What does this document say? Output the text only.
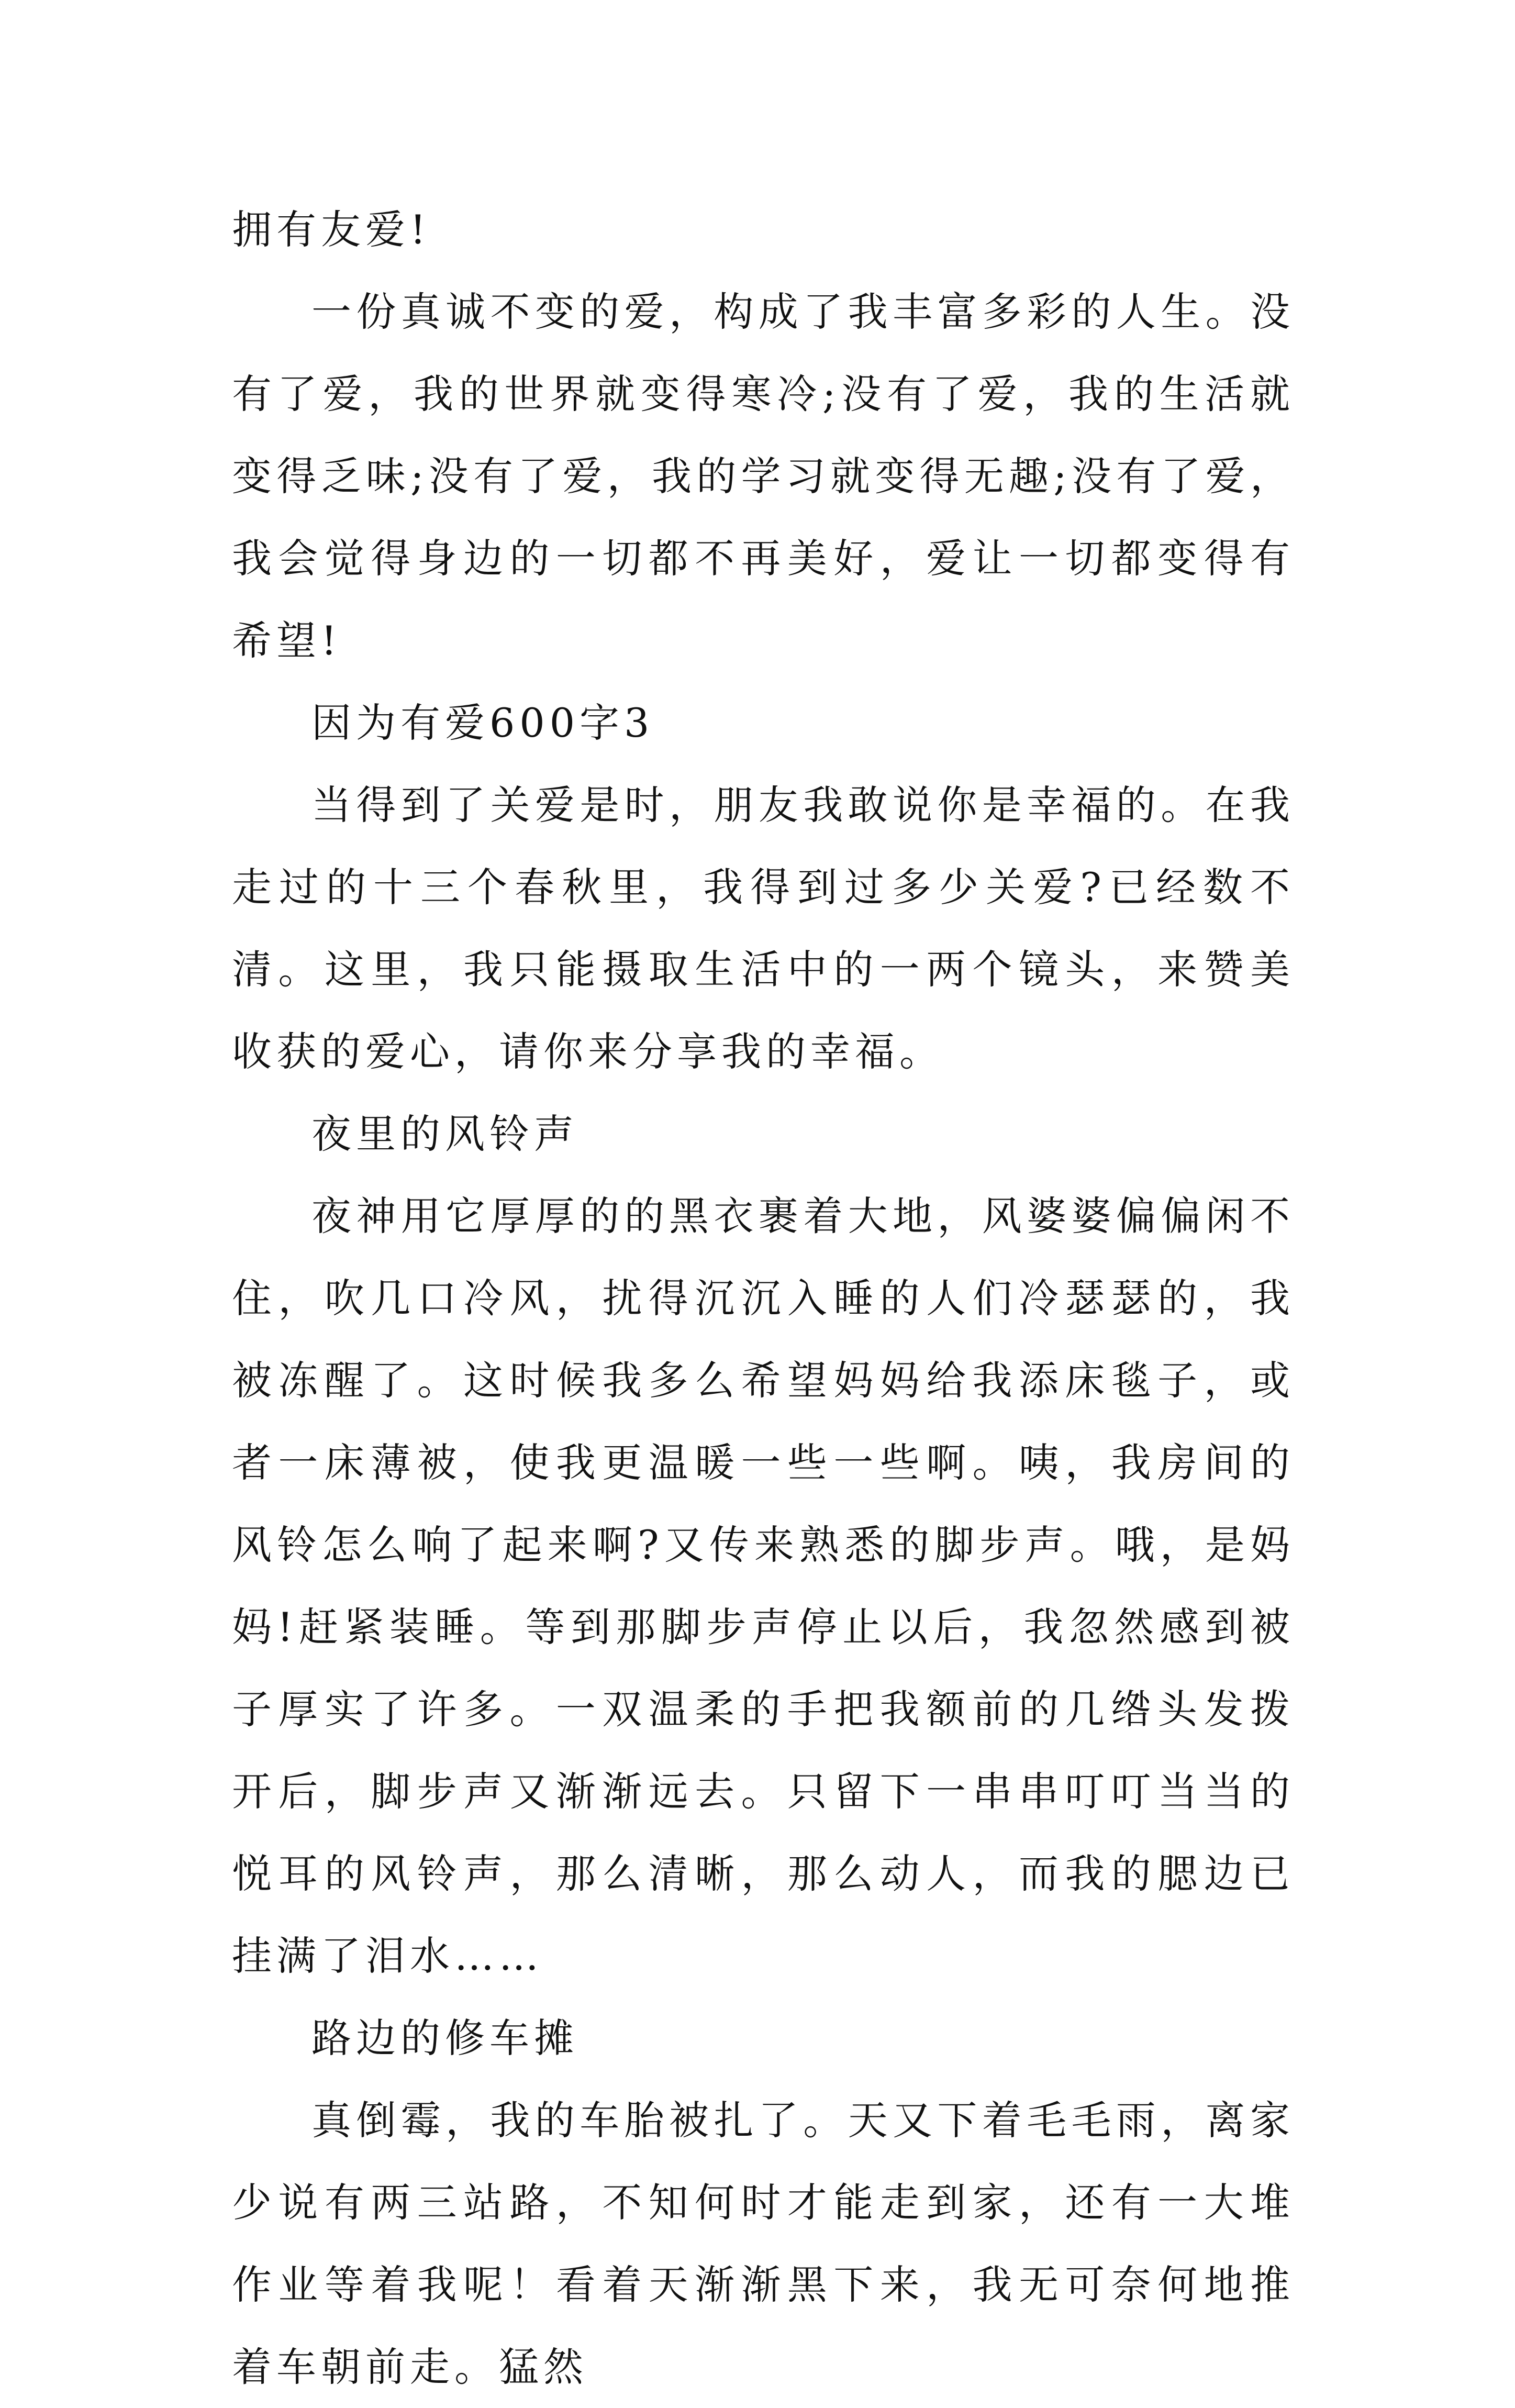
拥有友爱!

一份真诚不变的爱，构成了我丰富多彩的人生。没有了爱，我的世界就变得寒冷;没有了爱，我的生活就变得乏味;没有了爱，我的学习就变得无趣;没有了爱，我会觉得身边的一切都不再美好，爱让一切都变得有希望!

因为有爱600字3

当得到了关爱是时，朋友我敢说你是幸福的。在我走过的十三个春秋里，我得到过多少关爱?已经数不清。这里，我只能摄取生活中的一两个镜头，来赞美收获的爱心，请你来分享我的幸福。

夜里的风铃声

夜神用它厚厚的的黑衣裹着大地，风婆婆偏偏闲不住，吹几口冷风，扰得沉沉入睡的人们冷瑟瑟的，我被冻醒了。这时候我多么希望妈妈给我添床毯子，或者一床薄被，使我更温暖一些一些啊。咦，我房间的风铃怎么响了起来啊?又传来熟悉的脚步声。哦，是妈妈!赶紧装睡。等到那脚步声停止以后，我忽然感到被子厚实了许多。一双温柔的手把我额前的几绺头发拨开后，脚步声又渐渐远去。只留下一串串叮叮当当的悦耳的风铃声，那么清晰，那么动人，而我的腮边已挂满了泪水……

路边的修车摊

真倒霉，我的车胎被扎了。天又下着毛毛雨，离家少说有两三站路，不知何时才能走到家，还有一大堆作业等着我呢！看着天渐渐黑下来，我无可奈何地推着车朝前走。猛然
